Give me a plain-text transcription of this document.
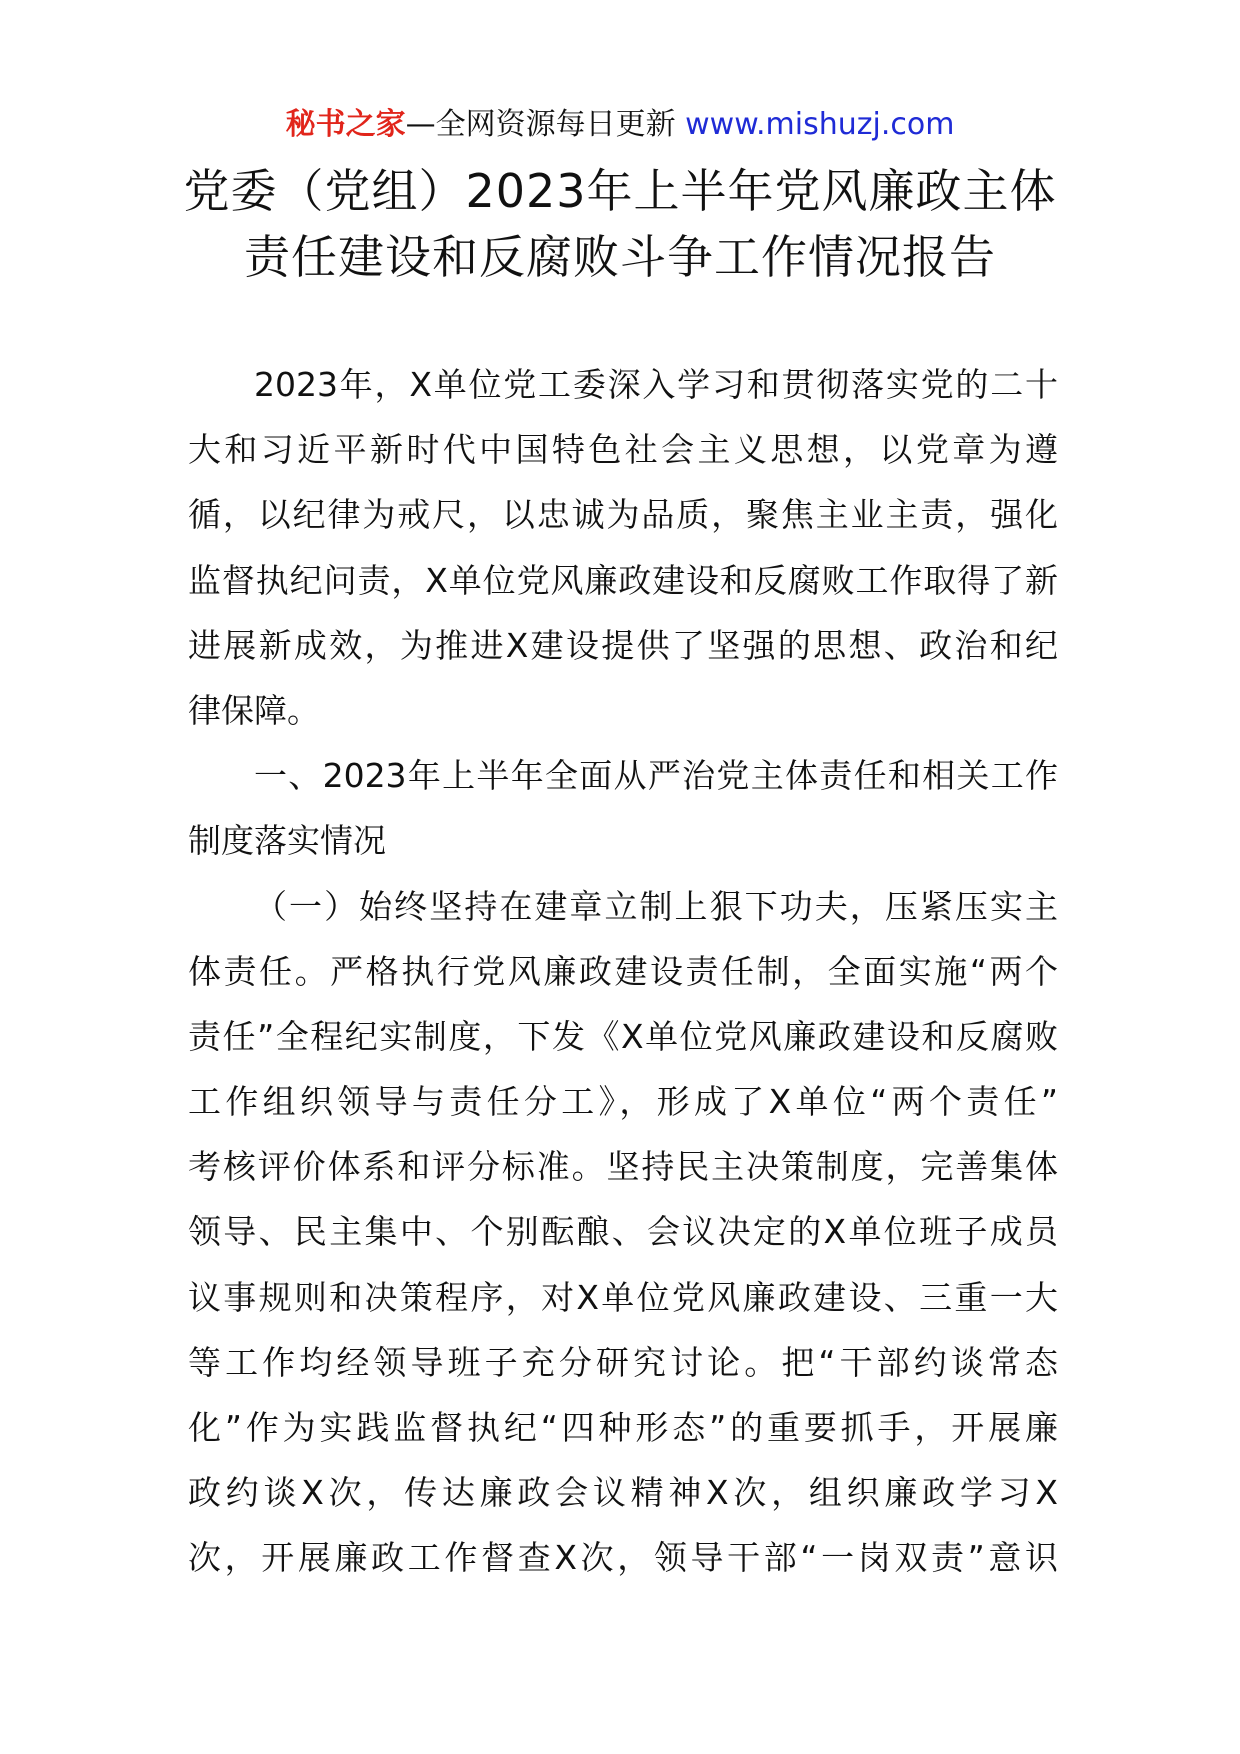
秘书之家—全网资源每日更新 www.mishuzj.com
党委（党组）2023年上半年党风廉政主体
责任建设和反腐败斗争工作情况报告

2023年，X单位党工委深入学习和贯彻落实党的二十
大和习近平新时代中国特色社会主义思想，以党章为遵
循，以纪律为戒尺，以忠诚为品质，聚焦主业主责，强化
监督执纪问责，X单位党风廉政建设和反腐败工作取得了新
进展新成效，为推进X建设提供了坚强的思想、政治和纪
律保障。

一、2023年上半年全面从严治党主体责任和相关工作
制度落实情况

（一）始终坚持在建章立制上狠下功夫，压紧压实主
体责任。严格执行党风廉政建设责任制，全面实施“两个
责任”全程纪实制度，下发《X单位党风廉政建设和反腐败
工作组织领导与责任分工》，形成了X单位“两个责任”
考核评价体系和评分标准。坚持民主决策制度，完善集体
领导、民主集中、个别酝酿、会议决定的X单位班子成员
议事规则和决策程序，对X单位党风廉政建设、三重一大
等工作均经领导班子充分研究讨论。把“干部约谈常态
化”作为实践监督执纪“四种形态”的重要抓手，开展廉
政约谈X次，传达廉政会议精神X次，组织廉政学习X
次，开展廉政工作督查X次，领导干部“一岗双责”意识
